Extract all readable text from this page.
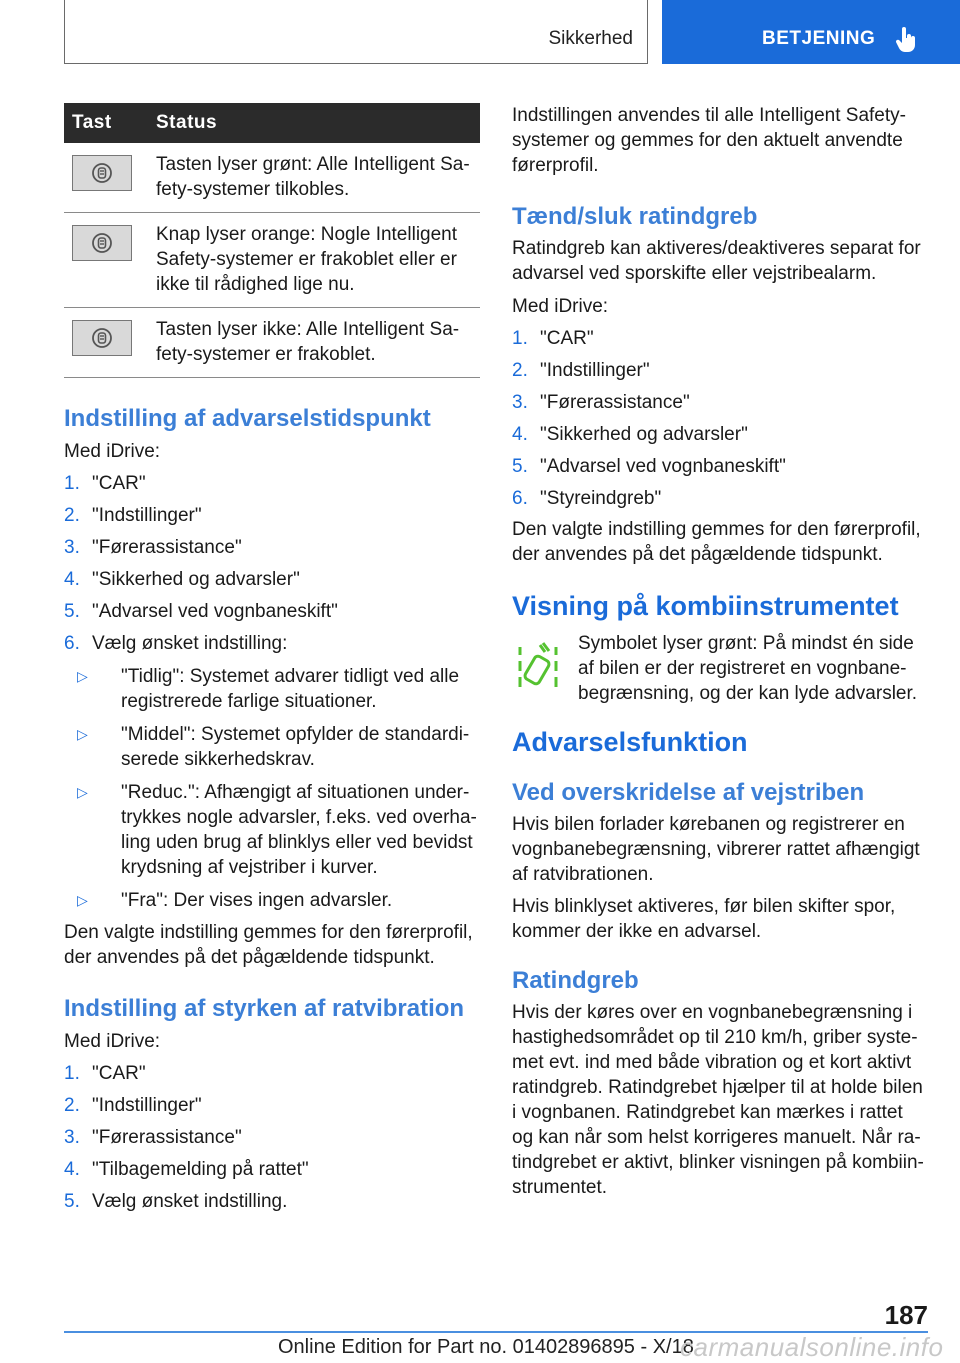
Sikkerhed	BETJENING
Tast	Status

	Tasten lyser grønt: Alle Intelligent Sa-fety-systemer tilkobles.

	Knap lyser orange: Nogle Intelligent Safety-systemer er frakoblet eller er ikke til rådighed lige nu.

	Tasten lyser ikke: Alle Intelligent Sa-fety-systemer er frakoblet.
Indstilling af advarselstidspunkt

Med iDrive:

1. "CAR"
2. "Indstillinger"
3. "Førerassistance"
4. "Sikkerhed og advarsler"
5. "Advarsel ved vognbaneskift"
6. Vælg ønsket indstilling:
▷ "Tidlig": Systemet advarer tidligt ved alle registrerede farlige situationer.
▷ "Middel": Systemet opfylder de standardi-serede sikkerhedskrav.
▷ "Reduc.": Afhængigt af situationen under-trykkes nogle advarsler, f.eks. ved overha-ling uden brug af blinklys eller ved bevidst krydsning af vejstriber i kurver.
▷ "Fra": Der vises ingen advarsler.

Den valgte indstilling gemmes for den førerprofil, der anvendes på det pågældende tidspunkt.

Indstilling af styrken af ratvibration

Med iDrive:

1. "CAR"
2. "Indstillinger"
3. "Førerassistance"
4. "Tilbagemelding på rattet"
5. Vælg ønsket indstilling.

Indstillingen anvendes til alle Intelligent Safety-systemer og gemmes for den aktuelt anvendte førerprofil.

Tænd/sluk ratindgreb

Ratindgreb kan aktiveres/deaktiveres separat for advarsel ved sporskifte eller vejstribealarm.

Med iDrive:

1. "CAR"
2. "Indstillinger"
3. "Førerassistance"
4. "Sikkerhed og advarsler"
5. "Advarsel ved vognbaneskift"
6. "Styreindgreb"

Den valgte indstilling gemmes for den førerprofil, der anvendes på det pågældende tidspunkt.

Visning på kombiinstrumentet

Symbolet lyser grønt: På mindst én side af bilen er der registreret en vognbane-begrænsning, og der kan lyde advarsler.

Advarselsfunktion
Ved overskridelse af vejstriben

Hvis bilen forlader kørebanen og registrerer en vognbanebegrænsning, vibrerer rattet afhængigt af ratvibrationen.

Hvis blinklyset aktiveres, før bilen skifter spor, kommer der ikke en advarsel.

Ratindgreb

Hvis der køres over en vognbanebegrænsning i hastighedsområdet op til 210 km/h, griber syste-met evt. ind med både vibration og et kort aktivt ratindgreb. Ratindgrebet hjælper til at holde bilen i vognbanen. Ratindgrebet kan mærkes i rattet og kan når som helst korrigeres manuelt. Når ra-tindgrebet er aktivt, blinker visningen på kombiin-strumentet.

187
Online Edition for Part no. 01402896895 - X/18
carmanualsonline.info
